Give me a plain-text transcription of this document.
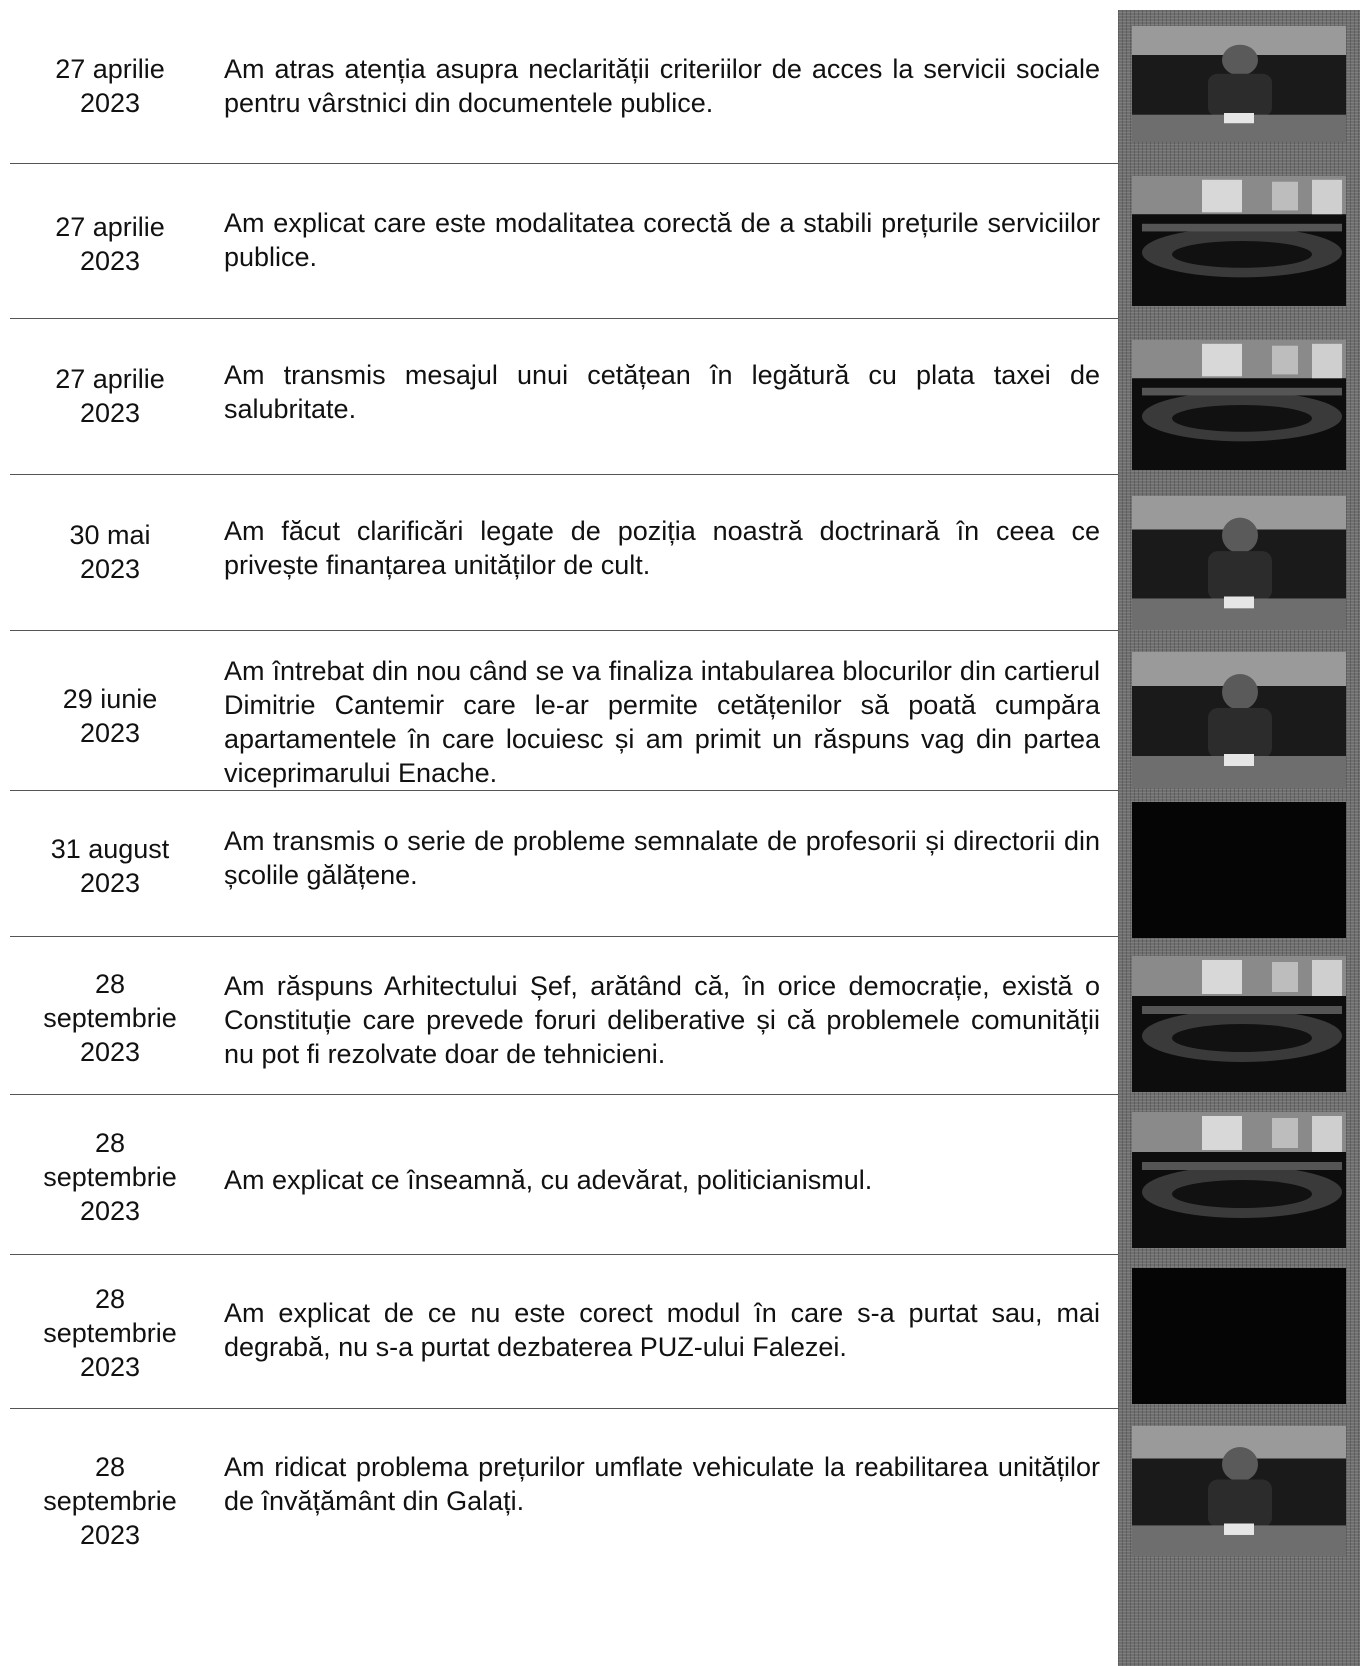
27 aprilie
2023

Am atras atenția asupra neclarității criteriilor de acces la servicii sociale pentru vârstnici din documentele publice.

27 aprilie
2023

Am explicat care este modalitatea corectă de a stabili prețurile serviciilor publice.

27 aprilie
2023

Am transmis mesajul unui cetățean în legătură cu plata taxei de salubritate.

30 mai
2023

Am făcut clarificări legate de poziția noastră doctrinară în ceea ce privește finanțarea unităților de cult.

29 iunie
2023

Am întrebat din nou când se va finaliza intabularea blocurilor din cartierul Dimitrie Cantemir care le-ar permite cetățenilor să poată cumpăra apartamentele în care locuiesc și am primit un răspuns vag din partea viceprimarului Enache.

31 august
2023

Am transmis o serie de probleme semnalate de profesorii și directorii din școlile gălățene.

28
septembrie
2023

Am răspuns Arhitectului Șef, arătând că, în orice democrație, există o Constituție care prevede foruri deliberative și că problemele comunității nu pot fi rezolvate doar de tehnicieni.

28
septembrie
2023

Am explicat ce înseamnă, cu adevărat, politicianismul.

28
septembrie
2023

Am explicat de ce nu este corect modul în care s-a purtat sau, mai degrabă, nu s-a purtat dezbaterea PUZ-ului Falezei.

28
septembrie
2023

Am ridicat problema prețurilor umflate vehiculate la reabilitarea unităților de învățământ din Galați.
